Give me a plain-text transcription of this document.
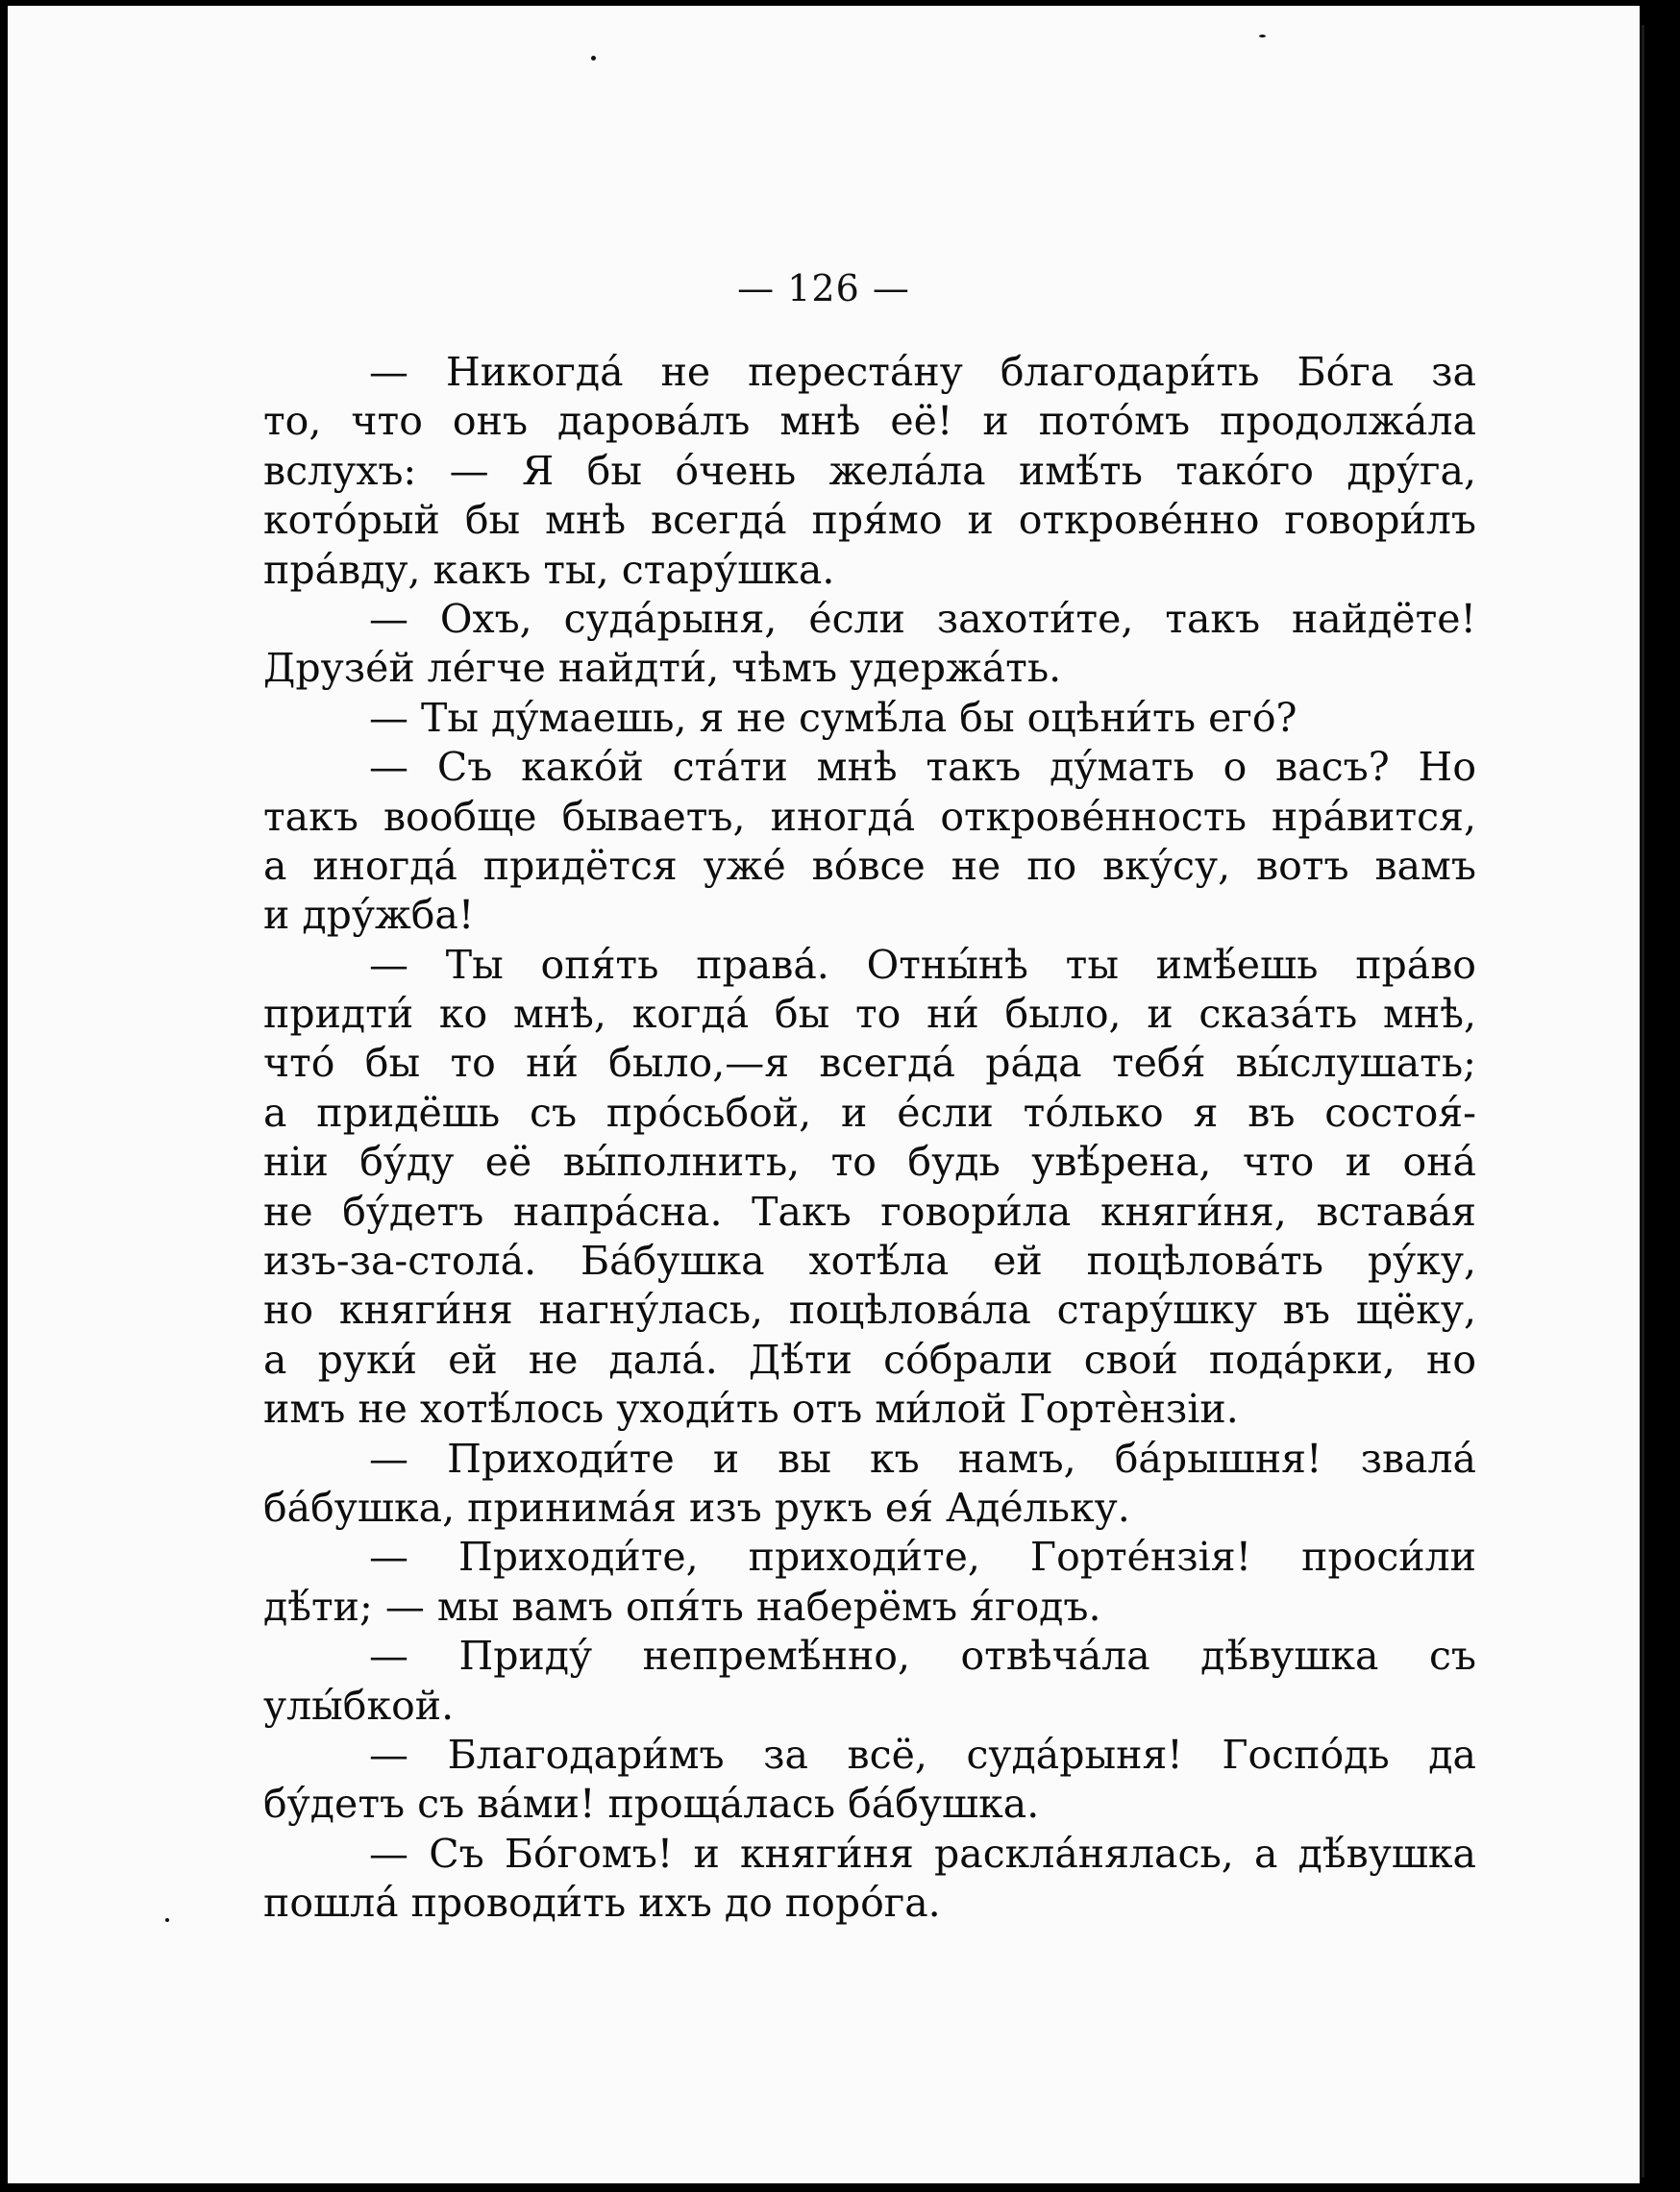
— 126 —
— Никогда́ не переста́ну благодари́ть Бо́га за
то, что онъ дарова́лъ мнѣ её! и пото́мъ продолжа́ла
вслухъ: — Я бы о́чень жела́ла имѣ́ть тако́го дру́га,
кото́рый бы мнѣ всегда́ пря́мо и открове́нно говори́лъ
пра́вду, какъ ты, стару́шка.
— Охъ, суда́рыня, е́сли захоти́те, такъ найдёте!
Друзе́й ле́гче найдти́, чѣмъ удержа́ть.
— Ты ду́маешь, я не сумѣ́ла бы оцѣни́ть его́?
— Съ како́й ста́ти мнѣ такъ ду́мать о васъ? Но
такъ вообще бываетъ, иногда́ открове́нность нра́вится,
а иногда́ придётся уже́ во́все не по вку́су, вотъ вамъ
и дру́жба!
— Ты опя́ть права́. Отны́нѣ ты имѣ́ешь пра́во
придти́ ко мнѣ, когда́ бы то ни́ было, и сказа́ть мнѣ,
что́ бы то ни́ было,—я всегда́ ра́да тебя́ вы́слушать;
а придёшь съ про́сьбой, и е́сли то́лько я въ состоя́-
ніи бу́ду её вы́полнить, то будь увѣ́рена, что и она́
не бу́детъ напра́сна. Такъ говори́ла княги́ня, встава́я
изъ-за-стола́. Ба́бушка хотѣ́ла ей поцѣлова́ть ру́ку,
но княги́ня нагну́лась, поцѣлова́ла стару́шку въ щёку,
а руки́ ей не дала́. Дѣ́ти со́брали свои́ пода́рки, но
имъ не хотѣ́лось уходи́ть отъ ми́лой Гортѐнзіи.
— Приходи́те и вы къ намъ, ба́рышня! звала́
ба́бушка, принима́я изъ рукъ ея́ Аде́льку.
— Приходи́те, приходи́те, Горте́нзія! проси́ли
дѣ́ти; — мы вамъ опя́ть наберёмъ я́годъ.
— Приду́ непремѣ́нно, отвѣча́ла дѣ́вушка съ
улы́бкой.
— Благодари́мъ за всё, суда́рыня! Госпо́дь да
бу́детъ съ ва́ми! проща́лась ба́бушка.
— Съ Бо́гомъ! и княги́ня раскла́нялась, а дѣ́вушка
пошла́ проводи́ть ихъ до поро́га.
